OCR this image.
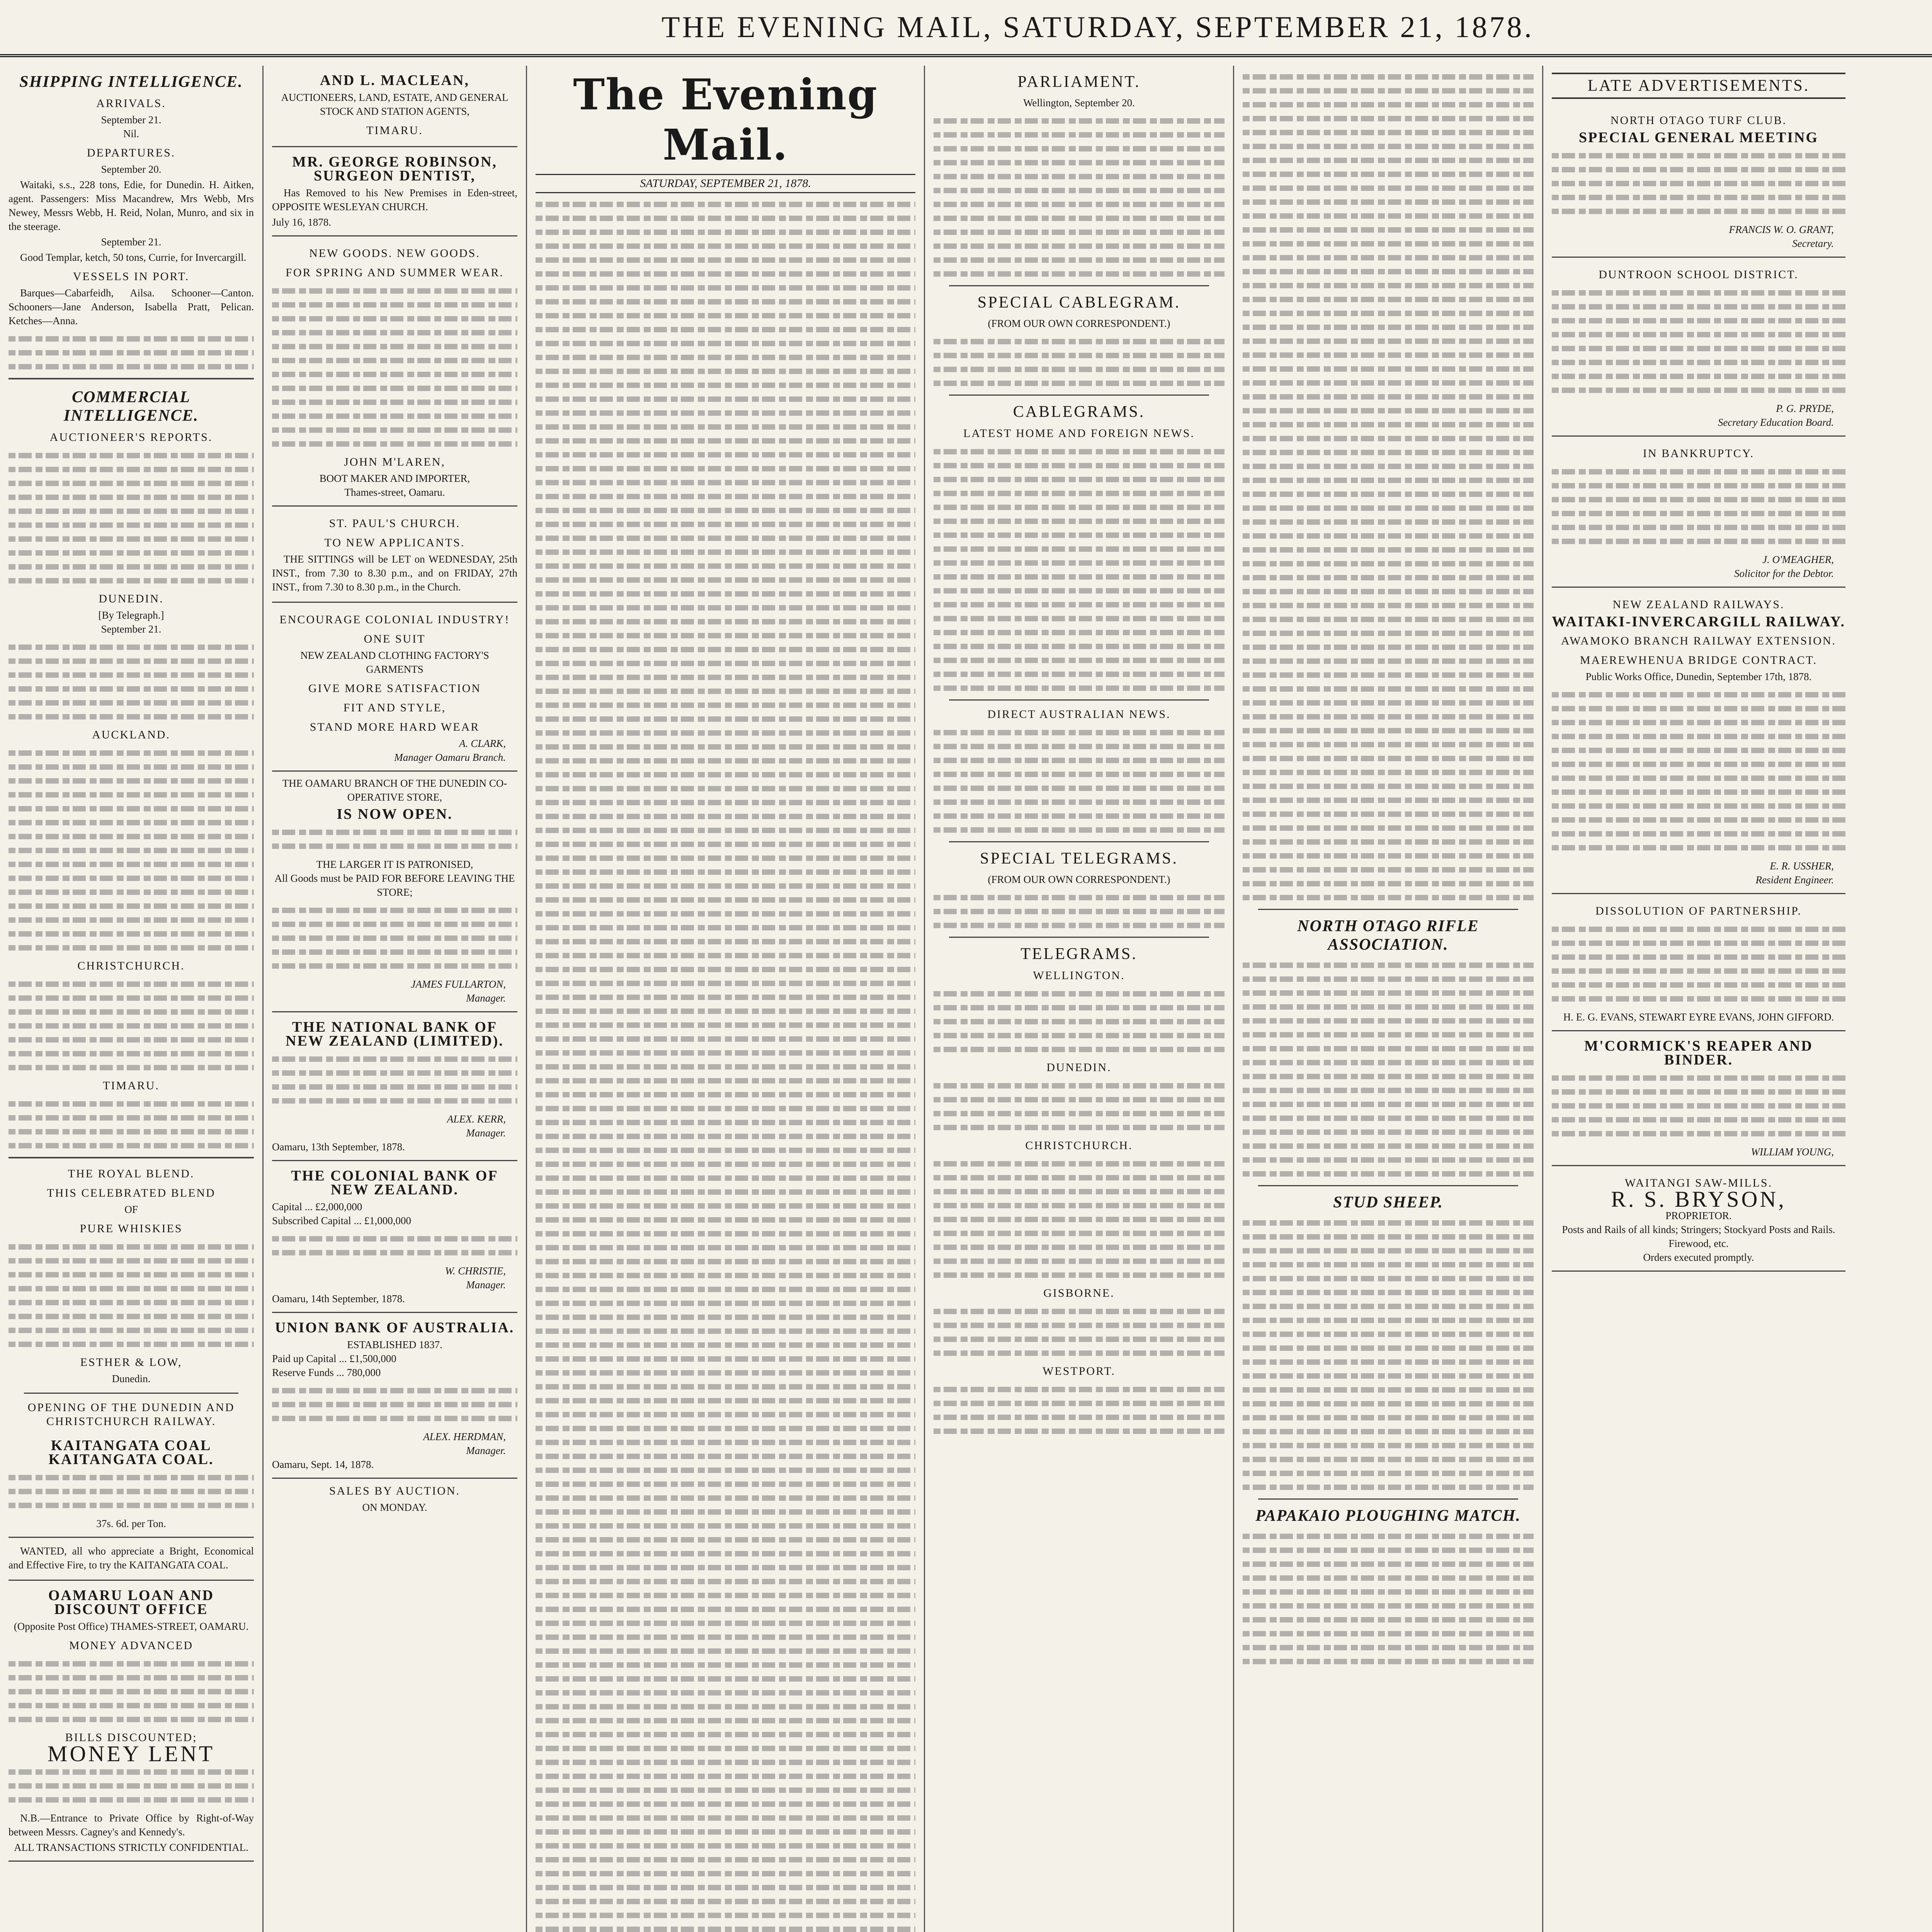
THE EVENING MAIL, SATURDAY, SEPTEMBER 21, 1878.
SHIPPING INTELLIGENCE.
ARRIVALS.
September 21.
Nil.
DEPARTURES.
September 20.
Waitaki, s.s., 228 tons, Edie, for Dunedin. H. Aitken, agent. Passengers: Miss Macandrew, Mrs Webb, Mrs Newey, Messrs Webb, H. Reid, Nolan, Munro, and six in the steerage.
September 21.
Good Templar, ketch, 50 tons, Currie, for Invercargill.
VESSELS IN PORT.
Barques—Cabarfeidh, Ailsa. Schooner—Canton. Schooners—Jane Anderson, Isabella Pratt, Pelican. Ketches—Anna.
COMMERCIAL INTELLIGENCE.
AUCTIONEER'S REPORTS.
DUNEDIN.
[By Telegraph.]
September 21.
AUCKLAND.
CHRISTCHURCH.
TIMARU.
THE ROYAL BLEND.
THIS CELEBRATED BLEND
OF
PURE WHISKIES
ESTHER & LOW,
Dunedin.
OPENING OF THE DUNEDIN AND CHRISTCHURCH RAILWAY.
KAITANGATA COAL KAITANGATA COAL.
37s. 6d. per Ton.
WANTED, all who appreciate a Bright, Economical and Effective Fire, to try the KAITANGATA COAL.
OAMARU LOAN AND DISCOUNT OFFICE
(Opposite Post Office) THAMES-STREET, OAMARU.
MONEY ADVANCED
BILLS DISCOUNTED;
MONEY LENT
N.B.—Entrance to Private Office by Right-of-Way between Messrs. Cagney's and Kennedy's.
ALL TRANSACTIONS STRICTLY CONFIDENTIAL.
AND L. MACLEAN,
AUCTIONEERS, LAND, ESTATE, AND GENERAL STOCK AND STATION AGENTS,
TIMARU.
MR. GEORGE ROBINSON, SURGEON DENTIST,
Has Removed to his New Premises in Eden-street, OPPOSITE WESLEYAN CHURCH.
July 16, 1878.
NEW GOODS. NEW GOODS.
FOR SPRING AND SUMMER WEAR.
JOHN M'LAREN,
BOOT MAKER AND IMPORTER,
Thames-street, Oamaru.
ST. PAUL'S CHURCH.
TO NEW APPLICANTS.
THE SITTINGS will be LET on WEDNESDAY, 25th INST., from 7.30 to 8.30 p.m., and on FRIDAY, 27th INST., from 7.30 to 8.30 p.m., in the Church.
ENCOURAGE COLONIAL INDUSTRY!
ONE SUIT
NEW ZEALAND CLOTHING FACTORY'S GARMENTS
GIVE MORE SATISFACTION
FIT AND STYLE,
STAND MORE HARD WEAR
A. CLARK,
Manager Oamaru Branch.
THE OAMARU BRANCH OF THE DUNEDIN CO-OPERATIVE STORE,
IS NOW OPEN.
THE LARGER IT IS PATRONISED,
All Goods must be PAID FOR BEFORE LEAVING THE STORE;
JAMES FULLARTON,
Manager.
THE NATIONAL BANK OF NEW ZEALAND (LIMITED).
ALEX. KERR,
Manager.
Oamaru, 13th September, 1878.
THE COLONIAL BANK OF NEW ZEALAND.
Capital ... £2,000,000
Subscribed Capital ... £1,000,000
W. CHRISTIE,
Manager.
Oamaru, 14th September, 1878.
UNION BANK OF AUSTRALIA.
ESTABLISHED 1837.
Paid up Capital ... £1,500,000
Reserve Funds ... 780,000
ALEX. HERDMAN,
Manager.
Oamaru, Sept. 14, 1878.
SALES BY AUCTION.
ON MONDAY.
The Evening Mail.
SATURDAY, SEPTEMBER 21, 1878.
PARLIAMENT.
Wellington, September 20.
SPECIAL CABLEGRAM.
(FROM OUR OWN CORRESPONDENT.)
CABLEGRAMS.
LATEST HOME AND FOREIGN NEWS.
DIRECT AUSTRALIAN NEWS.
SPECIAL TELEGRAMS.
(FROM OUR OWN CORRESPONDENT.)
TELEGRAMS.
WELLINGTON.
DUNEDIN.
CHRISTCHURCH.
GISBORNE.
WESTPORT.
NORTH OTAGO RIFLE ASSOCIATION.
STUD SHEEP.
PAPAKAIO PLOUGHING MATCH.
LATE ADVERTISEMENTS.
NORTH OTAGO TURF CLUB.
SPECIAL GENERAL MEETING
FRANCIS W. O. GRANT,
Secretary.
DUNTROON SCHOOL DISTRICT.
P. G. PRYDE,
Secretary Education Board.
IN BANKRUPTCY.
J. O'MEAGHER,
Solicitor for the Debtor.
NEW ZEALAND RAILWAYS.
WAITAKI-INVERCARGILL RAILWAY.
AWAMOKO BRANCH RAILWAY EXTENSION.
MAEREWHENUA BRIDGE CONTRACT.
Public Works Office, Dunedin, September 17th, 1878.
E. R. USSHER,
Resident Engineer.
DISSOLUTION OF PARTNERSHIP.
H. E. G. EVANS, STEWART EYRE EVANS, JOHN GIFFORD.
M'CORMICK'S REAPER AND BINDER.
WILLIAM YOUNG,
WAITANGI SAW-MILLS.
R. S. BRYSON,
PROPRIETOR.
Posts and Rails of all kinds; Stringers; Stockyard Posts and Rails. Firewood, etc.
Orders executed promptly.
